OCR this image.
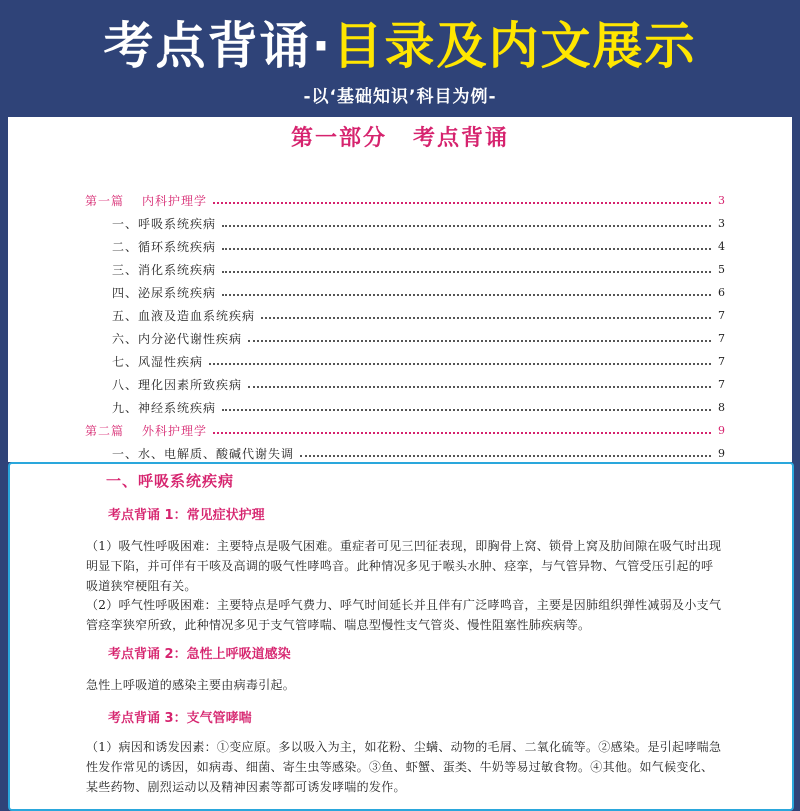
考点背诵· 目录及内文展示
-以‘基础知识’科目为例-
第一部分 考点背诵
第一篇 内科护理学	3
一、呼吸系统疾病	3
二、循环系统疾病	4
三、消化系统疾病	5
四、泌尿系统疾病	6
五、血液及造血系统疾病	7
六、内分泌代谢性疾病	7
七、风湿性疾病	7
八、理化因素所致疾病	7
九、神经系统疾病	8
第二篇 外科护理学	9
一、水、电解质、酸碱代谢失调	9
一、呼吸系统疾病
考点背诵 1：常见症状护理
（1）吸气性呼吸困难：主要特点是吸气困难。重症者可见三凹征表现，即胸骨上窝、锁骨上窝及肋间隙在吸气时出现明显下陷，并可伴有干咳及高调的吸气性哮鸣音。此种情况多见于喉头水肿、痉挛，与气管异物、气管受压引起的呼吸道狭窄梗阻有关。
（2）呼气性呼吸困难：主要特点是呼气费力、呼气时间延长并且伴有广泛哮鸣音，主要是因肺组织弹性减弱及小支气管痉挛狭窄所致，此种情况多见于支气管哮喘、喘息型慢性支气管炎、慢性阻塞性肺疾病等。
考点背诵 2：急性上呼吸道感染
急性上呼吸道的感染主要由病毒引起。
考点背诵 3：支气管哮喘
（1）病因和诱发因素：①变应原。多以吸入为主，如花粉、尘螨、动物的毛屑、二氧化硫等。②感染。是引起哮喘急性发作常见的诱因，如病毒、细菌、寄生虫等感染。③鱼、虾蟹、蛋类、牛奶等易过敏食物。④其他。如气候变化、某些药物、剧烈运动以及精神因素等都可诱发哮喘的发作。
